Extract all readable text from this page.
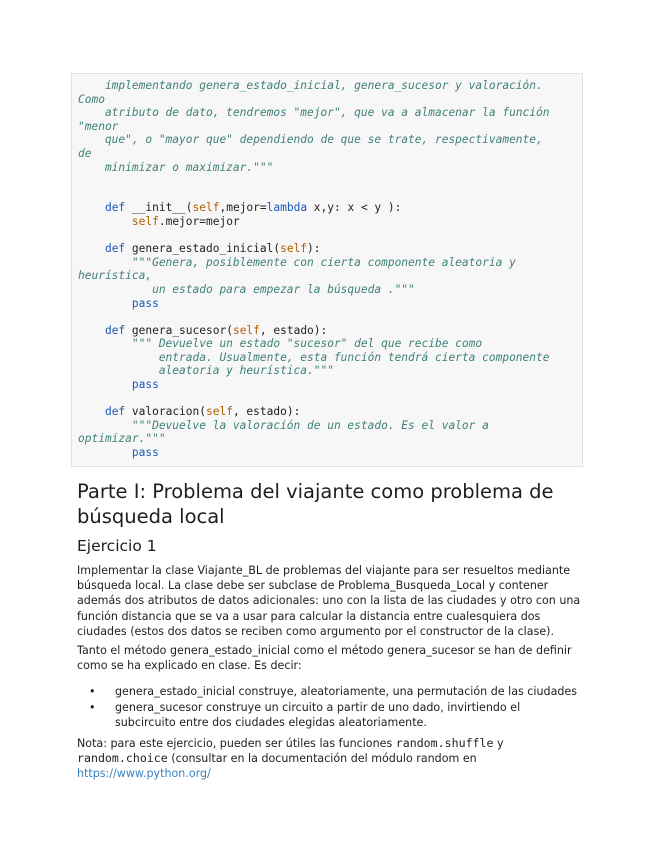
implementando genera_estado_inicial, genera_sucesor y valoración.
Como
atributo de dato, tendremos "mejor", que va a almacenar la función
"menor
que", o "mayor que" dependiendo de que se trate, respectivamente,
de
minimizar o maximizar."""
def __init__(self,mejor=lambda x,y: x < y ):
self.mejor=mejor
def genera_estado_inicial(self):
"""Genera, posiblemente con cierta componente aleatoria y
heurística,
un estado para empezar la búsqueda ."""
pass
def genera_sucesor(self, estado):
""" Devuelve un estado "sucesor" del que recibe como
entrada. Usualmente, esta función tendrá cierta componente
aleatoria y heurística."""
pass
def valoracion(self, estado):
"""Devuelve la valoración de un estado. Es el valor a
optimizar."""
pass
Parte I: Problema del viajante como problema de búsqueda local
Ejercicio 1

Implementar la clase Viajante_BL de problemas del viajante para ser resueltos mediante búsqueda local. La clase debe ser subclase de Problema_Busqueda_Local y contener además dos atributos de datos adicionales: uno con la lista de las ciudades y otro con una función distancia que se va a usar para calcular la distancia entre cualesquiera dos ciudades (estos dos datos se reciben como argumento por el constructor de la clase).

Tanto el método genera_estado_inicial como el método genera_sucesor se han de definir como se ha explicado en clase. Es decir:

• genera_estado_inicial construye, aleatoriamente, una permutación de las ciudades
• genera_sucesor construye un circuito a partir de uno dado, invirtiendo el subcircuito entre dos ciudades elegidas aleatoriamente.

Nota: para este ejercicio, pueden ser útiles las funciones random.shuffle y random.choice (consultar en la documentación del módulo random en https://www.python.org/
